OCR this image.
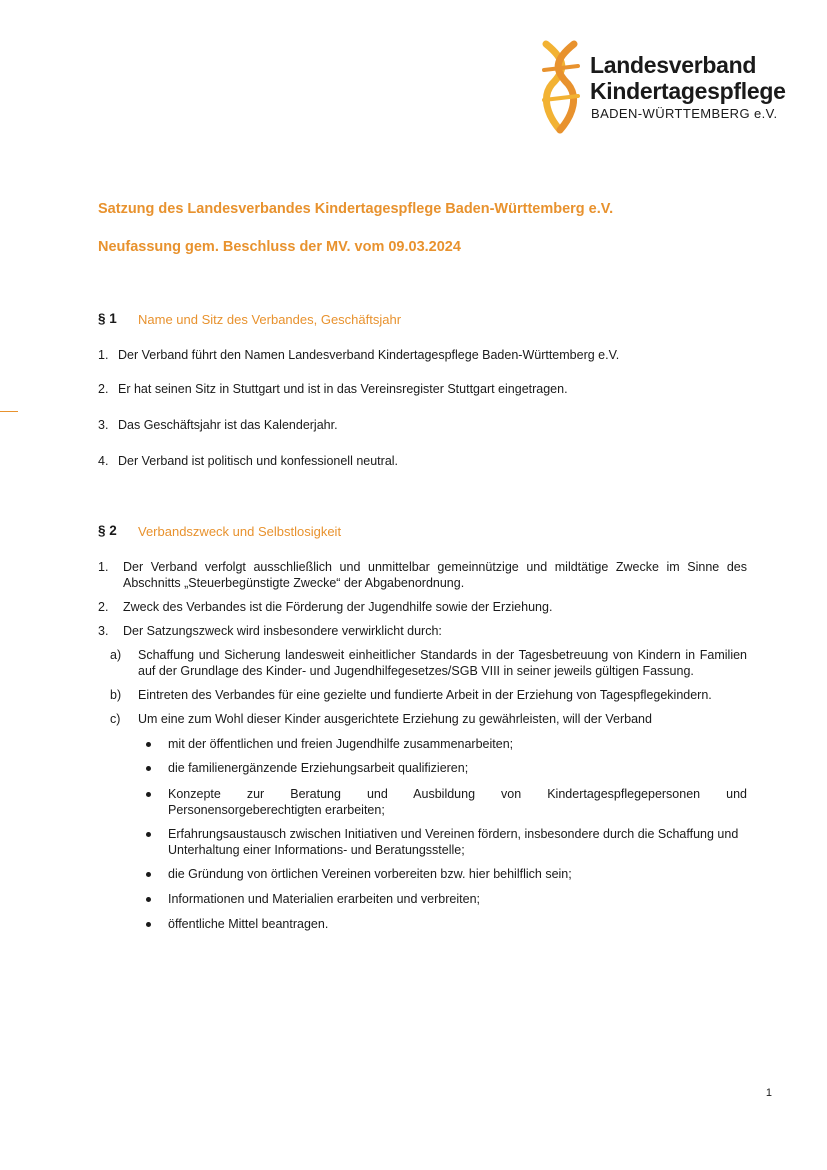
Landesverband
Kindertagespflege
BADEN-WÜRTTEMBERG e.V.
Satzung des Landesverbandes Kindertagespflege Baden-Württemberg e.V.
Neufassung gem. Beschluss der MV. vom 09.03.2024
§ 1 Name und Sitz des Verbandes, Geschäftsjahr
1. Der Verband führt den Namen Landesverband Kindertagespflege Baden-Württemberg e.V.
2. Er hat seinen Sitz in Stuttgart und ist in das Vereinsregister Stuttgart eingetragen.
3. Das Geschäftsjahr ist das Kalenderjahr.
4. Der Verband ist politisch und konfessionell neutral.
§ 2 Verbandszweck und Selbstlosigkeit
1. Der Verband verfolgt ausschließlich und unmittelbar gemeinnützige und mildtätige Zwecke im Sinne des
Abschnitts „Steuerbegünstigte Zwecke“ der Abgabenordnung.
2. Zweck des Verbandes ist die Förderung der Jugendhilfe sowie der Erziehung.
3. Der Satzungszweck wird insbesondere verwirklicht durch:
a) Schaffung und Sicherung landesweit einheitlicher Standards in der Tagesbetreuung von Kindern in Familien
auf der Grundlage des Kinder- und Jugendhilfegesetzes/SGB VIII in seiner jeweils gültigen Fassung.
b) Eintreten des Verbandes für eine gezielte und fundierte Arbeit in der Erziehung von Tagespflegekindern.
c) Um eine zum Wohl dieser Kinder ausgerichtete Erziehung zu gewährleisten, will der Verband
mit der öffentlichen und freien Jugendhilfe zusammenarbeiten;
die familienergänzende Erziehungsarbeit qualifizieren;
Konzepte zur Beratung und Ausbildung von Kindertagespflegepersonen und
Personensorgeberechtigten erarbeiten;
Erfahrungsaustausch zwischen Initiativen und Vereinen fördern, insbesondere durch die Schaffung und
Unterhaltung einer Informations- und Beratungsstelle;
die Gründung von örtlichen Vereinen vorbereiten bzw. hier behilflich sein;
Informationen und Materialien erarbeiten und verbreiten;
öffentliche Mittel beantragen.
1
